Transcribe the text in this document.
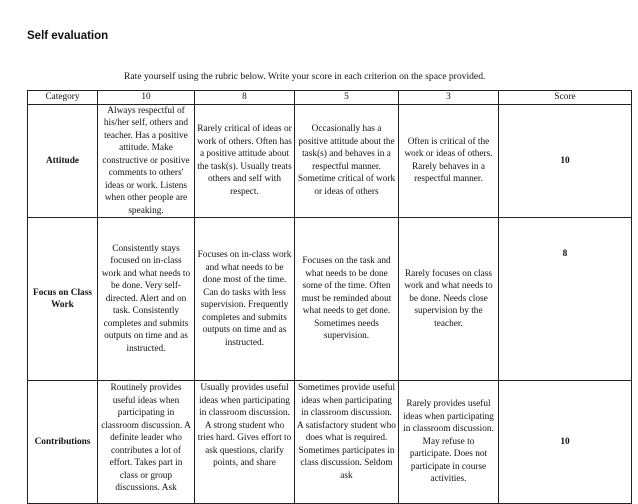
Self evaluation
Rate yourself using the rubric below. Write your score in each criterion on the space provided.
Category	10	8	5	3	Score
Attitude	Always respectful of his/her self, others and teacher. Has a positive attitude. Make constructive or positive comments to others' ideas or work. Listens when other people are speaking.	Rarely critical of ideas or work of others. Often has a positive attitude about the task(s). Usually treats others and self with respect.	Occasionally has a positive attitude about the task(s) and behaves in a respectful manner. Sometime critical of work or ideas of others	Often is critical of the work or ideas of others. Rarely behaves in a respectful manner.	10
Focus on Class Work	Consistently stays focused on in-class work and what needs to be done. Very self-directed. Alert and on task. Consistently completes and submits outputs on time and as instructed.	Focuses on in-class work and what needs to be done most of the time. Can do tasks with less supervision. Frequently completes and submits outputs on time and as instructed.	Focuses on the task and what needs to be done some of the time. Often must be reminded about what needs to get done. Sometimes needs supervision.	Rarely focuses on class work and what needs to be done. Needs close supervision by the teacher.	8
Contributions	Routinely provides useful ideas when participating in classroom discussion. A definite leader who contributes a lot of effort. Takes part in class or group discussions. Ask	Usually provides useful ideas when participating in classroom discussion. A strong student who tries hard. Gives effort to ask questions, clarify points, and share	Sometimes provide useful ideas when participating in classroom discussion. A satisfactory student who does what is required. Sometimes participates in class discussion. Seldom ask	Rarely provides useful ideas when participating in classroom discussion. May refuse to participate. Does not participate in course activities.	10
